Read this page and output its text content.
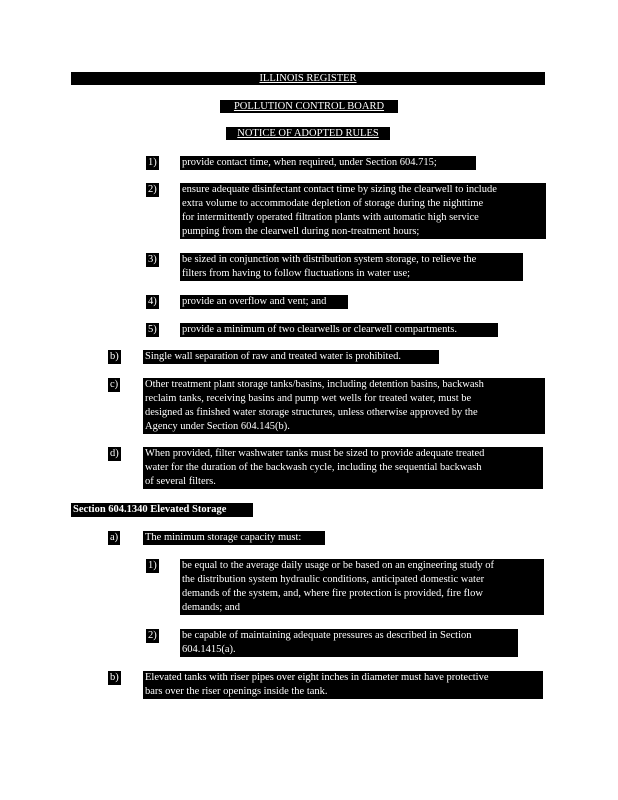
ILLINOIS REGISTER
POLLUTION CONTROL BOARD
NOTICE OF ADOPTED RULES
1) provide contact time, when required, under Section 604.715;
2) ensure adequate disinfectant contact time by sizing the clearwell to include
extra volume to accommodate depletion of storage during the nighttime
for intermittently operated filtration plants with automatic high service
pumping from the clearwell during non-treatment hours;
3) be sized in conjunction with distribution system storage, to relieve the
filters from having to follow fluctuations in water use;
4) provide an overflow and vent; and
5) provide a minimum of two clearwells or clearwell compartments.
b)	Single wall separation of raw and treated water is prohibited.
c)	Other treatment plant storage tanks/basins, including detention basins, backwash
reclaim tanks, receiving basins and pump wet wells for treated water, must be
designed as finished water storage structures, unless otherwise approved by the
Agency under Section 604.145(b).
d)	When provided, filter washwater tanks must be sized to provide adequate treated
water for the duration of the backwash cycle, including the sequential backwash
of several filters.
Section 604.1340 Elevated Storage
a)	The minimum storage capacity must:
1) be equal to the average daily usage or be based on an engineering study of
the distribution system hydraulic conditions, anticipated domestic water
demands of the system, and, where fire protection is provided, fire flow
demands; and
2) be capable of maintaining adequate pressures as described in Section
604.1415(a).
b)	Elevated tanks with riser pipes over eight inches in diameter must have protective
bars over the riser openings inside the tank.
